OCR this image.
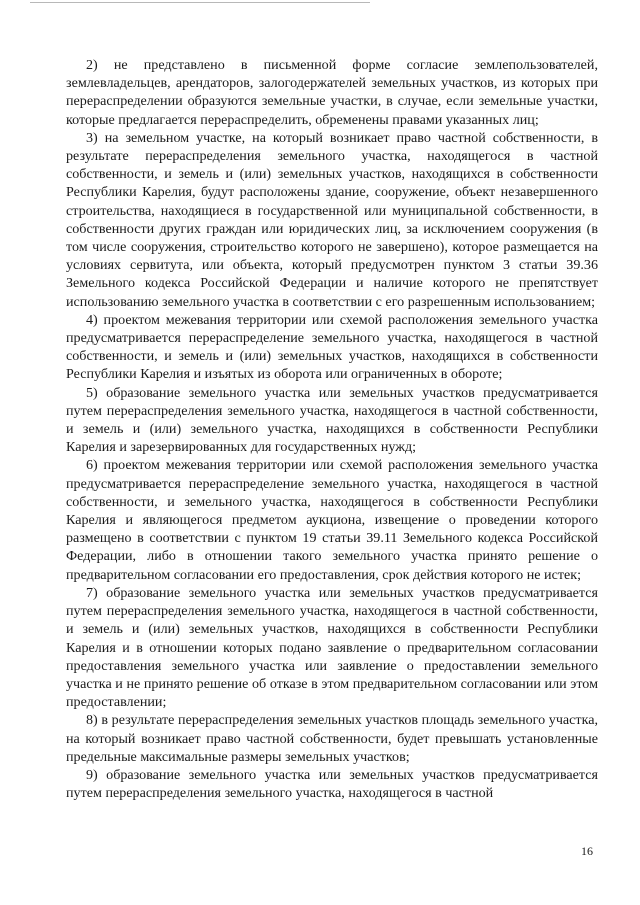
2) не представлено в письменной форме согласие землепользователей, землевладельцев, арендаторов, залогодержателей земельных участков, из которых при перераспределении образуются земельные участки, в случае, если земельные участки, которые предлагается перераспределить, обременены правами указанных лиц;

3) на земельном участке, на который возникает право частной собственности, в результате перераспределения земельного участка, находящегося в частной собственности, и земель и (или) земельных участков, находящихся в собственности Республики Карелия, будут расположены здание, сооружение, объект незавершенного строительства, находящиеся в государственной или муниципальной собственности, в собственности других граждан или юридических лиц, за исключением сооружения (в том числе сооружения, строительство которого не завершено), которое размещается на условиях сервитута, или объекта, который предусмотрен пунктом 3 статьи 39.36 Земельного кодекса Российской Федерации и наличие которого не препятствует использованию земельного участка в соответствии с его разрешенным использованием;

4) проектом межевания территории или схемой расположения земельного участка предусматривается перераспределение земельного участка, находящегося в частной собственности, и земель и (или) земельных участков, находящихся в собственности Республики Карелия и изъятых из оборота или ограниченных в обороте;

5) образование земельного участка или земельных участков предусматривается путем перераспределения земельного участка, находящегося в частной собственности, и земель и (или) земельного участка, находящихся в собственности Республики Карелия и зарезервированных для государственных нужд;

6) проектом межевания территории или схемой расположения земельного участка предусматривается перераспределение земельного участка, находящегося в частной собственности, и земельного участка, находящегося в собственности Республики Карелия и являющегося предметом аукциона, извещение о проведении которого размещено в соответствии с пунктом 19 статьи 39.11 Земельного кодекса Российской Федерации, либо в отношении такого земельного участка принято решение о предварительном согласовании его предоставления, срок действия которого не истек;

7) образование земельного участка или земельных участков предусматривается путем перераспределения земельного участка, находящегося в частной собственности, и земель и (или) земельных участков, находящихся в собственности Республики Карелия и в отношении которых подано заявление о предварительном согласовании предоставления земельного участка или заявление о предоставлении земельного участка и не принято решение об отказе в этом предварительном согласовании или этом предоставлении;

8) в результате перераспределения земельных участков площадь земельного участка, на который возникает право частной собственности, будет превышать установленные предельные максимальные размеры земельных участков;

9) образование земельного участка или земельных участков предусматривается путем перераспределения земельного участка, находящегося в частной

16
